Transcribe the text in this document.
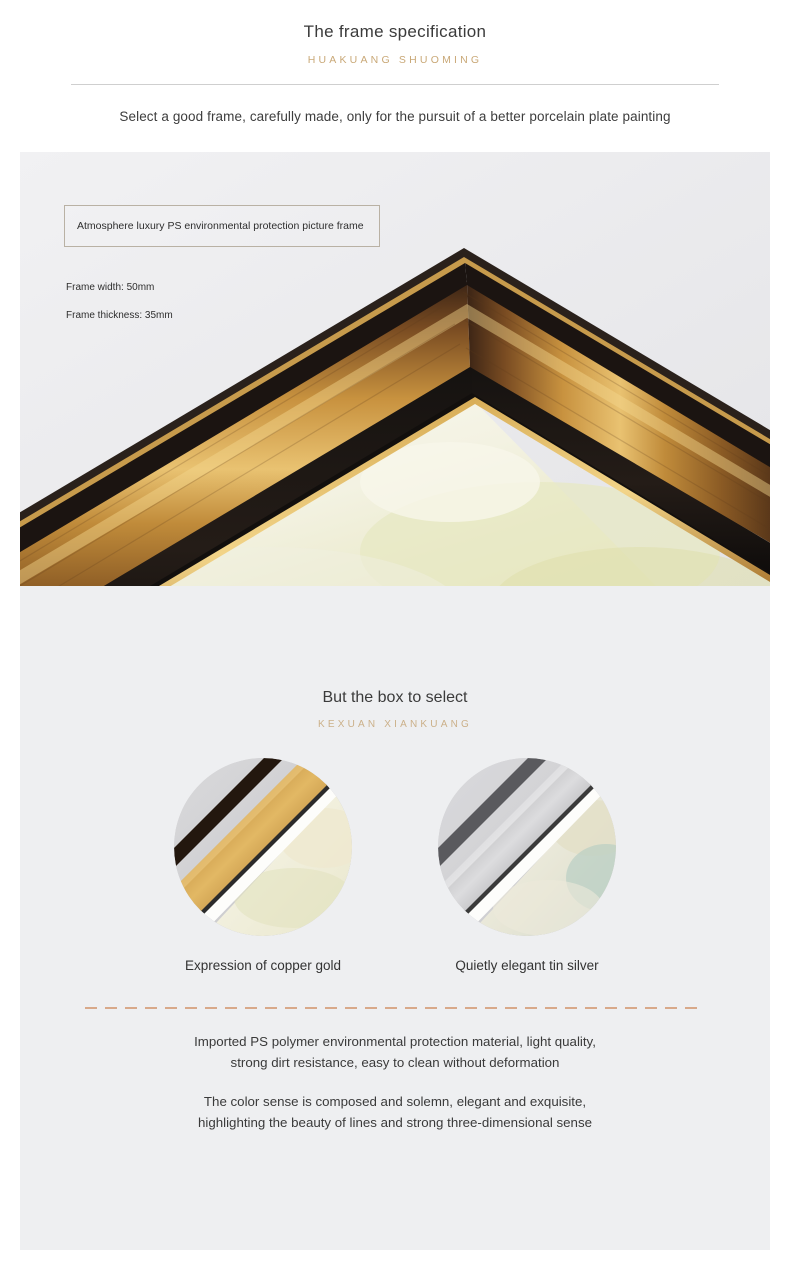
The frame specification
HUAKUANG SHUOMING
Select a good frame, carefully made, only for the pursuit of a better porcelain plate painting
Atmosphere luxury PS environmental protection picture frame
Frame width: 50mm
Frame thickness: 35mm
But the box to select
KEXUAN XIANKUANG
Expression of copper gold	Quietly elegant tin silver
Imported PS polymer environmental protection material, light quality,
strong dirt resistance, easy to clean without deformation
The color sense is composed and solemn, elegant and exquisite,
highlighting the beauty of lines and strong three-dimensional sense
